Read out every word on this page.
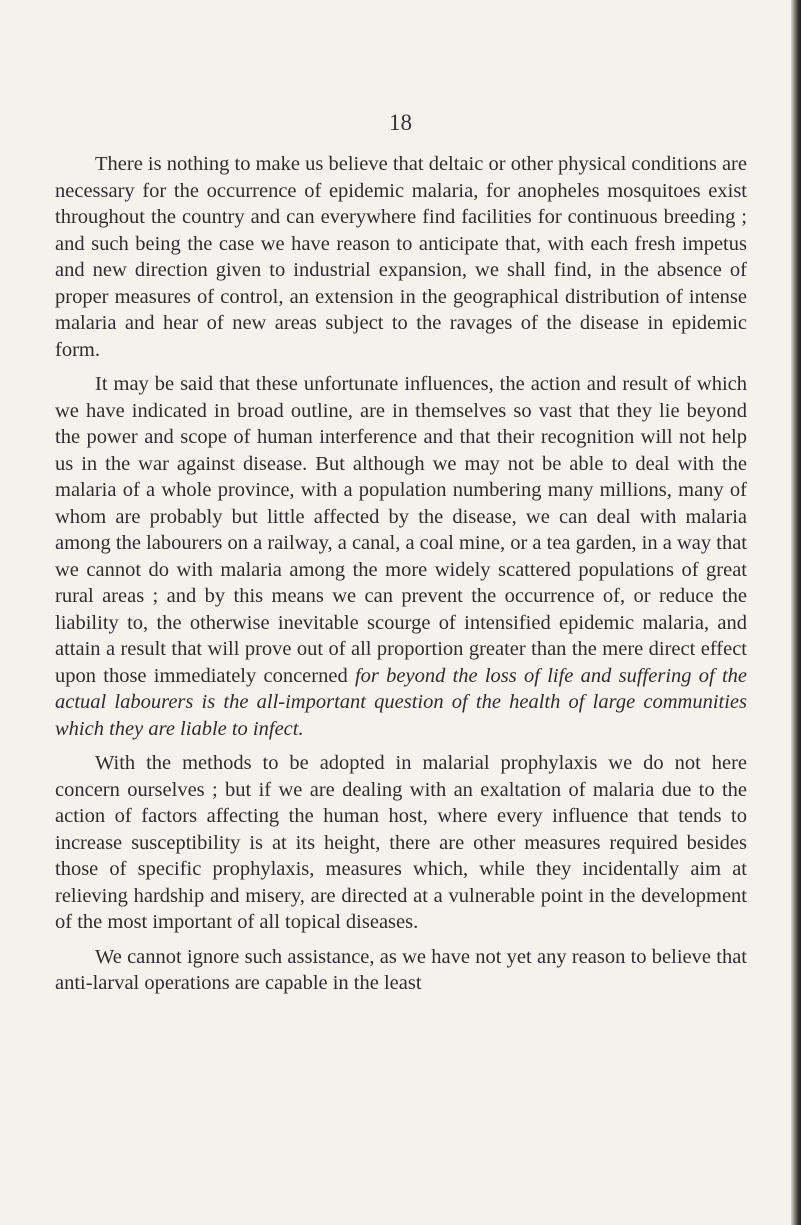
18

There is nothing to make us believe that deltaic or other physical conditions are necessary for the occurrence of epidemic malaria, for anopheles mosquitoes exist throughout the country and can everywhere find facilities for continuous breeding ; and such being the case we have reason to anticipate that, with each fresh impetus and new direction given to industrial expansion, we shall find, in the absence of proper measures of control, an extension in the geographical distribution of intense malaria and hear of new areas subject to the ravages of the disease in epidemic form.

It may be said that these unfortunate influences, the action and result of which we have indicated in broad outline, are in themselves so vast that they lie beyond the power and scope of human interference and that their recognition will not help us in the war against disease. But although we may not be able to deal with the malaria of a whole province, with a population numbering many millions, many of whom are probably but little affected by the disease, we can deal with malaria among the labourers on a railway, a canal, a coal mine, or a tea garden, in a way that we cannot do with malaria among the more widely scattered populations of great rural areas ; and by this means we can prevent the occurrence of, or reduce the liability to, the otherwise inevitable scourge of intensified epidemic malaria, and attain a result that will prove out of all proportion greater than the mere direct effect upon those immediately concerned for beyond the loss of life and suffering of the actual labourers is the all-important question of the health of large communities which they are liable to infect.

With the methods to be adopted in malarial prophylaxis we do not here concern ourselves ; but if we are dealing with an exaltation of malaria due to the action of factors affecting the human host, where every influence that tends to increase susceptibility is at its height, there are other measures required besides those of specific prophylaxis, measures which, while they incidentally aim at relieving hardship and misery, are directed at a vulnerable point in the development of the most important of all topical diseases.

We cannot ignore such assistance, as we have not yet any reason to believe that anti-larval operations are capable in the least
